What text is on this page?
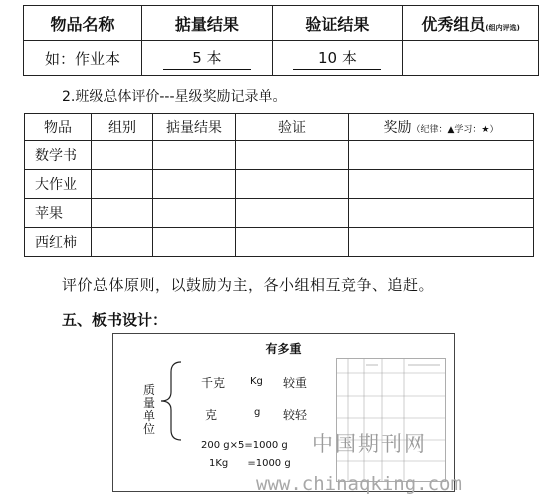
物品名称	掂量结果	验证结果	优秀组员(组内评选)
如：作业本	5 本	10 本	
2.班级总体评价---星级奖励记录单。
物品	组别	掂量结果	验证	奖励（纪律：▲学习：★）
数学书				
大作业				
苹果				
西红柿				
评价总体原则，以鼓励为主，各小组相互竞争、追赶。
五、板书设计：
有多重
质量单位
千克 Kg 较重
克	g 较轻
200 g×5=1000 g
1Kg      =1000 g
中国期刊网
www.chinaqking.com
